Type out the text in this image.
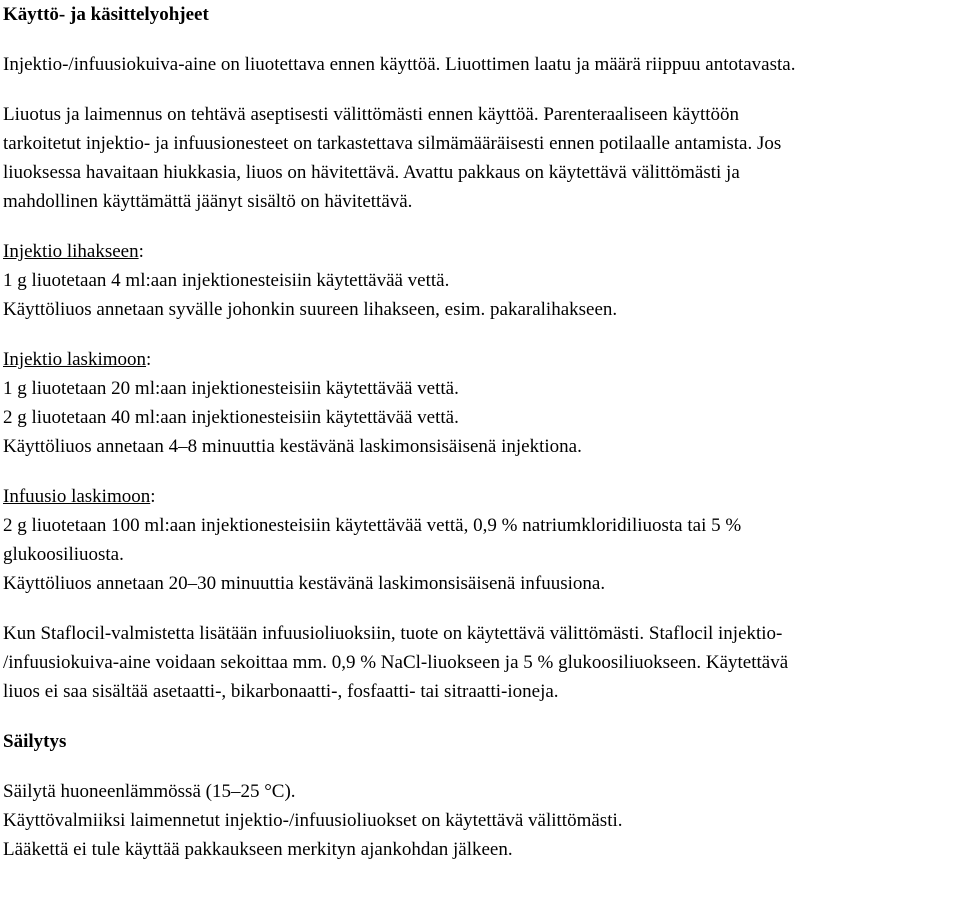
Käyttö- ja käsittelyohjeet
Injektio-/infuusiokuiva-aine on liuotettava ennen käyttöä. Liuottimen laatu ja määrä riippuu antotavasta.
Liuotus ja laimennus on tehtävä aseptisesti välittömästi ennen käyttöä. Parenteraaliseen käyttöön
tarkoitetut injektio- ja infuusionesteet on tarkastettava silmämääräisesti ennen potilaalle antamista. Jos
liuoksessa havaitaan hiukkasia, liuos on hävitettävä. Avattu pakkaus on käytettävä välittömästi ja
mahdollinen käyttämättä jäänyt sisältö on hävitettävä.
Injektio lihakseen:
1 g liuotetaan 4 ml:aan injektionesteisiin käytettävää vettä.
Käyttöliuos annetaan syvälle johonkin suureen lihakseen, esim. pakaralihakseen.
Injektio laskimoon:
1 g liuotetaan 20 ml:aan injektionesteisiin käytettävää vettä.
2 g liuotetaan 40 ml:aan injektionesteisiin käytettävää vettä.
Käyttöliuos annetaan 4–8 minuuttia kestävänä laskimonsisäisenä injektiona.
Infuusio laskimoon:
2 g liuotetaan 100 ml:aan injektionesteisiin käytettävää vettä, 0,9 % natriumkloridiliuosta tai 5 %
glukoosiliuosta.
Käyttöliuos annetaan 20–30 minuuttia kestävänä laskimonsisäisenä infuusiona.
Kun Staflocil-valmistetta lisätään infuusioliuoksiin, tuote on käytettävä välittömästi. Staflocil injektio-
/infuusiokuiva-aine voidaan sekoittaa mm. 0,9 % NaCl-liuokseen ja 5 % glukoosiliuokseen. Käytettävä
liuos ei saa sisältää asetaatti-, bikarbonaatti-, fosfaatti- tai sitraatti-ioneja.
Säilytys
Säilytä huoneenlämmössä (15–25 °C).
Käyttövalmiiksi laimennetut injektio-/infuusioliuokset on käytettävä välittömästi.
Lääkettä ei tule käyttää pakkaukseen merkityn ajankohdan jälkeen.
